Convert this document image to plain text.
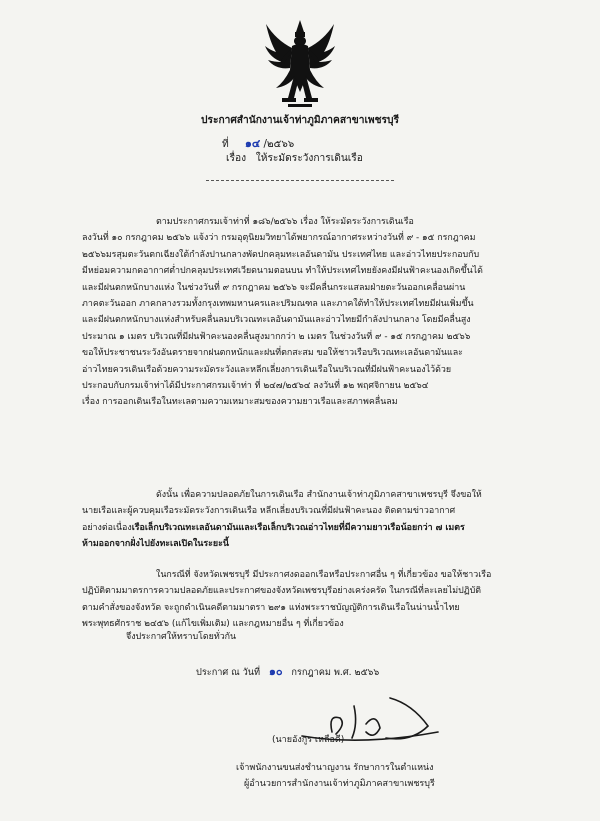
ประกาศสำนักงานเจ้าท่าภูมิภาคสาขาเพชรบุรี
ที่ ๑๔ /๒๕๖๖
เรื่อง ให้ระมัดระวังการเดินเรือ

ตามประกาศกรมเจ้าท่าที่ ๑๘๖/๒๕๖๖ เรื่อง ให้ระมัดระวังการเดินเรือ
ลงวันที่ ๑๐ กรกฎาคม ๒๕๖๖ แจ้งว่า กรมอุตุนิยมวิทยาได้พยากรณ์อากาศระหว่างวันที่ ๙ - ๑๕ กรกฎาคม
๒๕๖๖มรสุมตะวันตกเฉียงใต้กำลังปานกลางพัดปกคลุมทะเลอันดามัน ประเทศไทย และอ่าวไทยประกอบกับ
มีหย่อมความกดอากาศต่ำปกคลุมประเทศเวียดนามตอนบน ทำให้ประเทศไทยยังคงมีฝนฟ้าคะนองเกิดขึ้นได้
และมีฝนตกหนักบางแห่ง ในช่วงวันที่ ๙ กรกฎาคม ๒๕๖๖ จะมีคลื่นกระแสลมฝ่ายตะวันออกเคลื่อนผ่าน
ภาคตะวันออก ภาคกลางรวมทั้งกรุงเทพมหานครและปริมณฑล และภาคใต้ทำให้ประเทศไทยมีฝนเพิ่มขึ้น
และมีฝนตกหนักบางแห่งสำหรับคลื่นลมบริเวณทะเลอันดามันและอ่าวไทยมีกำลังปานกลาง โดยมีคลื่นสูง
ประมาณ ๑ เมตร บริเวณที่มีฝนฟ้าคะนองคลื่นสูงมากกว่า ๒ เมตร ในช่วงวันที่ ๙ - ๑๕ กรกฎาคม ๒๕๖๖
ขอให้ประชาชนระวังอันตรายจากฝนตกหนักและฝนที่ตกสะสม ขอให้ชาวเรือบริเวณทะเลอันดามันและ
อ่าวไทยควรเดินเรือด้วยความระมัดระวังและหลีกเลี่ยงการเดินเรือในบริเวณที่มีฝนฟ้าคะนองไว้ด้วย
ประกอบกับกรมเจ้าท่าได้มีประกาศกรมเจ้าท่า ที่ ๒๔๗/๒๕๖๔ ลงวันที่ ๑๒ พฤศจิกายน ๒๕๖๔
เรื่อง การออกเดินเรือในทะเลตามความเหมาะสมของความยาวเรือและสภาพคลื่นลม

ดังนั้น เพื่อความปลอดภัยในการเดินเรือ สำนักงานเจ้าท่าภูมิภาคสาขาเพชรบุรี จึงขอให้
นายเรือและผู้ควบคุมเรือระมัดระวังการเดินเรือ หลีกเลี่ยงบริเวณที่มีฝนฟ้าคะนอง ติดตามข่าวอากาศ
อย่างต่อเนื่องเรือเล็กบริเวณทะเลอันดามันและเรือเล็กบริเวณอ่าวไทยที่มีความยาวเรือน้อยกว่า ๗ เมตร
ห้ามออกจากฝั่งไปยังทะเลเปิดในระยะนี้

ในกรณีที่ จังหวัดเพชรบุรี มีประกาศงดออกเรือหรือประกาศอื่น ๆ ที่เกี่ยวข้อง ขอให้ชาวเรือ
ปฏิบัติตามมาตรการความปลอดภัยและประกาศของจังหวัดเพชรบุรีอย่างเคร่งครัด ในกรณีที่ละเลยไม่ปฏิบัติ
ตามคำสั่งของจังหวัด จะถูกดำเนินคดีตามมาตรา ๒๙๑ แห่งพระราชบัญญัติการเดินเรือในน่านน้ำไทย
พระพุทธศักราช ๒๔๕๖ (แก้ไขเพิ่มเติม) และกฎหมายอื่น ๆ ที่เกี่ยวข้อง

จึงประกาศให้ทราบโดยทั่วกัน

ประกาศ ณ วันที่ ๑๐ กรกฎาคม พ.ศ. ๒๕๖๖
(นายอังกูร เหลือดี)
เจ้าพนักงานขนส่งชำนาญงาน รักษาการในตำแหน่ง
ผู้อำนวยการสำนักงานเจ้าท่าภูมิภาคสาขาเพชรบุรี
